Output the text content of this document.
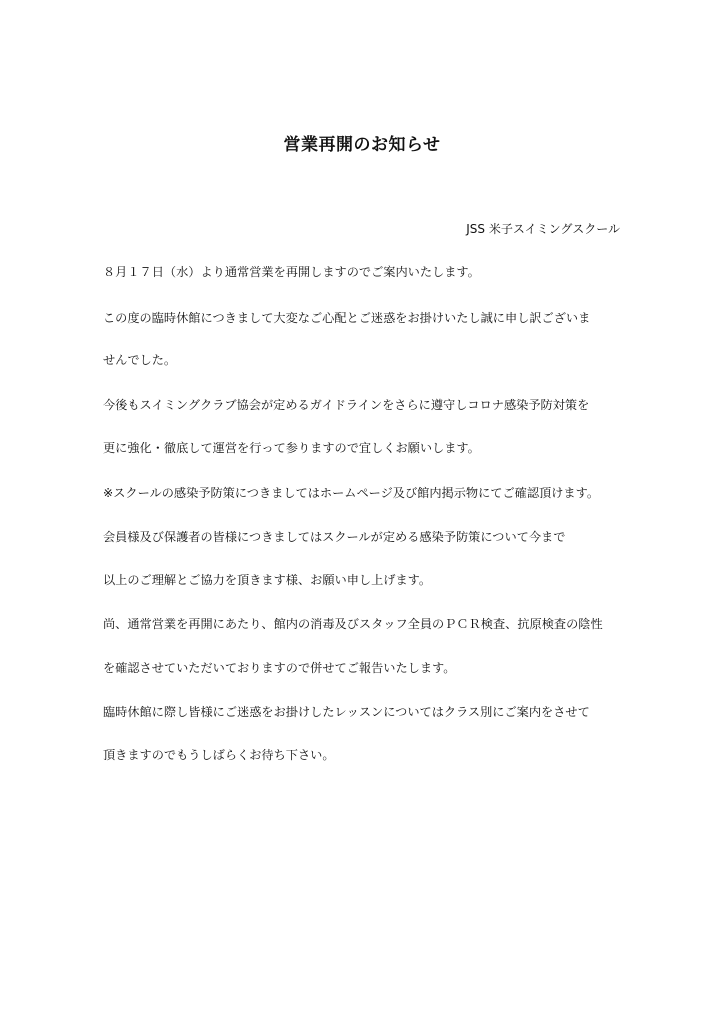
営業再開のお知らせ
JSS 米子スイミングスクール
８月１７日（水）より通常営業を再開しますのでご案内いたします。
この度の臨時休館につきまして大変なご心配とご迷惑をお掛けいたし誠に申し訳ございま
せんでした。
今後もスイミングクラブ協会が定めるガイドラインをさらに遵守しコロナ感染予防対策を
更に強化・徹底して運営を行って参りますので宜しくお願いします。
※スクールの感染予防策につきましてはホームページ及び館内掲示物にてご確認頂けます。
会員様及び保護者の皆様につきましてはスクールが定める感染予防策について今まで
以上のご理解とご協力を頂きます様、お願い申し上げます。
尚、通常営業を再開にあたり、館内の消毒及びスタッフ全員のＰＣＲ検査、抗原検査の陰性
を確認させていただいておりますので併せてご報告いたします。
臨時休館に際し皆様にご迷惑をお掛けしたレッスンについてはクラス別にご案内をさせて
頂きますのでもうしばらくお待ち下さい。
